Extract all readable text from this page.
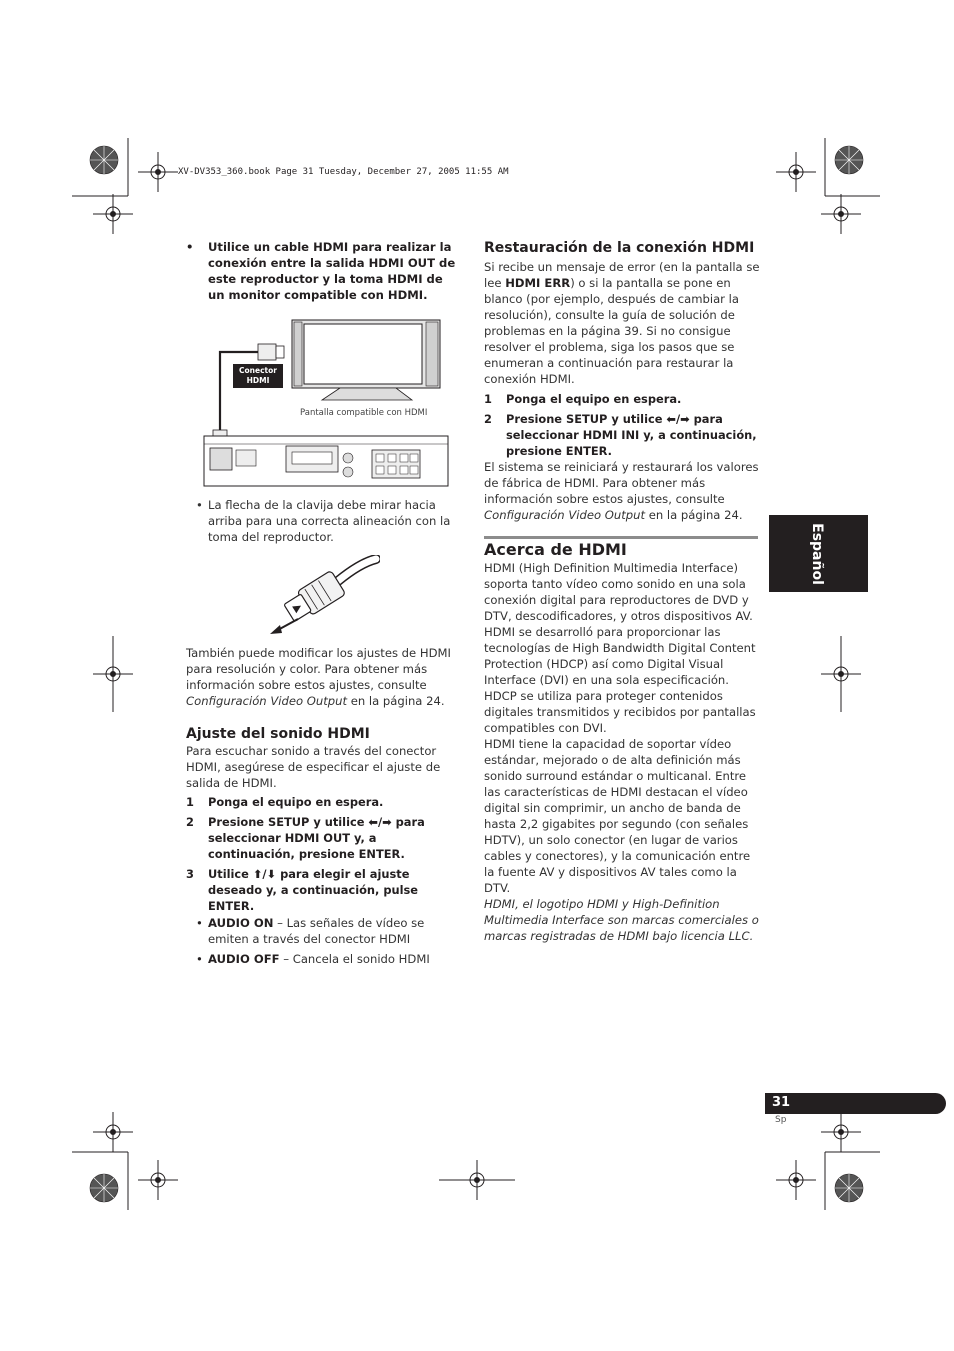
XV-DV353_360.book Page 31 Tuesday, December 27, 2005 11:55 AM
•	Utilice un cable HDMI para realizar la conexión entre la salida HDMI OUT de este reproductor y la toma HDMI de un monitor compatible con HDMI.
Conector
HDMI
Pantalla compatible con HDMI
• La flecha de la clavija debe mirar hacia arriba para una correcta alineación con la toma del reproductor.

También puede modificar los ajustes de HDMI para resolución y color. Para obtener más información sobre estos ajustes, consulte Configuración Video Output en la página 24.

Ajuste del sonido HDMI

Para escuchar sonido a través del conector HDMI, asegúrese de especificar el ajuste de salida de HDMI.

1	Ponga el equipo en espera.
2	Presione SETUP y utilice ⬅/➡ para seleccionar HDMI OUT y, a continuación, presione ENTER.
3	Utilice ⬆/⬇ para elegir el ajuste deseado y, a continuación, pulse ENTER.
• AUDIO ON – Las señales de vídeo se emiten a través del conector HDMI
• AUDIO OFF – Cancela el sonido HDMI
Restauración de la conexión HDMI

Si recibe un mensaje de error (en la pantalla se lee HDMI ERR) o si la pantalla se pone en blanco (por ejemplo, después de cambiar la resolución), consulte la guía de solución de problemas en la página 39. Si no consigue resolver el problema, siga los pasos que se enumeran a continuación para restaurar la conexión HDMI.

1	Ponga el equipo en espera.
2	Presione SETUP y utilice ⬅/➡ para seleccionar HDMI INI y, a continuación, presione ENTER.

El sistema se reiniciará y restaurará los valores de fábrica de HDMI. Para obtener más información sobre estos ajustes, consulte Configuración Video Output en la página 24.

Acerca de HDMI

HDMI (High Definition Multimedia Interface) soporta tanto vídeo como sonido en una sola conexión digital para reproductores de DVD y DTV, descodificadores, y otros dispositivos AV. HDMI se desarrolló para proporcionar las tecnologías de High Bandwidth Digital Content Protection (HDCP) así como Digital Visual Interface (DVI) en una sola especificación. HDCP se utiliza para proteger contenidos digitales transmitidos y recibidos por pantallas compatibles con DVI.

HDMI tiene la capacidad de soportar vídeo estándar, mejorado o de alta definición más sonido surround estándar o multicanal. Entre las características de HDMI destacan el vídeo digital sin comprimir, un ancho de banda de hasta 2,2 gigabites por segundo (con señales HDTV), un solo conector (en lugar de varios cables y conectores), y la comunicación entre la fuente AV y dispositivos AV tales como la DTV.

HDMI, el logotipo HDMI y High-Definition Multimedia Interface son marcas comerciales o marcas registradas de HDMI bajo licencia LLC.

Español
31
Sp
